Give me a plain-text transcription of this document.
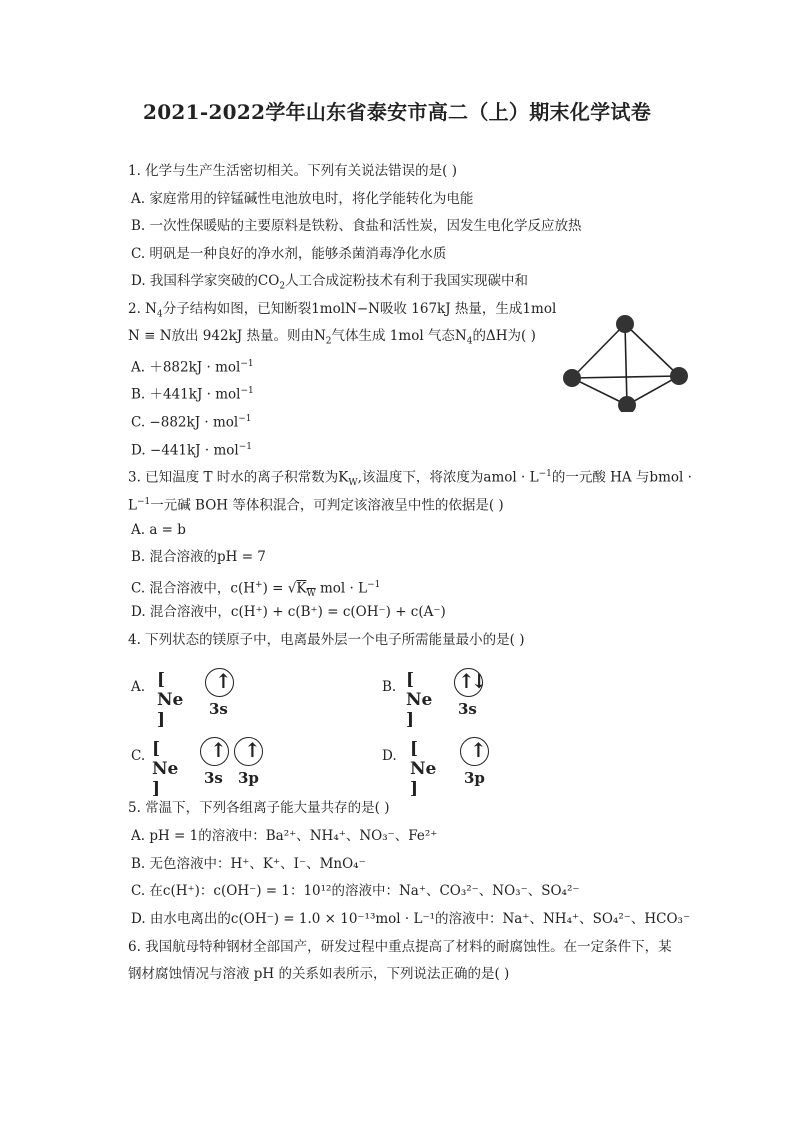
2021-2022学年山东省泰安市高二（上）期末化学试卷
1. 化学与生产生活密切相关。下列有关说法错误的是( )
A. 家庭常用的锌锰碱性电池放电时，将化学能转化为电能
B. 一次性保暖贴的主要原料是铁粉、食盐和活性炭，因发生电化学反应放热
C. 明矾是一种良好的净水剂，能够杀菌消毒净化水质
D. 我国科学家突破的$CO_2$人工合成淀粉技术有利于我国实现碳中和
2. $N_4$分子结构如图，已知断裂1molN−N吸收 167kJ 热量，生成1mol
N ≡ N放出 942kJ 热量。则由$N_2$气体生成 1mol 气态$N_4$的ΔH为( )
A. ＋882kJ · mol$^{-1}$
B. ＋441kJ · mol$^{-1}$
C. −882kJ · mol$^{-1}$
D. −441kJ · mol$^{-1}$
3. 已知温度 T 时水的离子积常数为$K_W$,该温度下，将浓度为amol · $L^{-1}$的一元酸 HA 与bmol ·
$L^{-1}$一元碱 BOH 等体积混合，可判定该溶液呈中性的依据是( )
A. a = b
B. 混合溶液的pH = 7
C. 混合溶液中，$c(H^+) = √K_{\overline{W}}$ mol · $L^{-1}$
D. 混合溶液中，c(H⁺) + c(B⁺) = c(OH⁻) + c(A⁻)
4. 下列状态的镁原子中，电离最外层一个电子所需能量最小的是( )
A. [ Ne ]
↑
3s
B. [ Ne ]
↑↓
3s
C. [ Ne ]
↑ ↑
3s 3p
D. [ Ne ]
↑
3p
5. 常温下，下列各组离子能大量共存的是( )
A. pH = 1的溶液中：Ba²⁺、NH₄⁺、NO₃⁻、Fe²⁺
B. 无色溶液中：H⁺、K⁺、I⁻、MnO₄⁻
C. 在c(H⁺)：c(OH⁻) = 1：10¹²的溶液中：Na⁺、CO₃²⁻、NO₃⁻、SO₄²⁻
D. 由水电离出的c(OH⁻) = 1.0 × 10⁻¹³mol · L⁻¹的溶液中：Na⁺、NH₄⁺、SO₄²⁻、HCO₃⁻
6. 我国航母特种钢材全部国产，研发过程中重点提高了材料的耐腐蚀性。在一定条件下，某
钢材腐蚀情况与溶液 pH 的关系如表所示，下列说法正确的是( )
